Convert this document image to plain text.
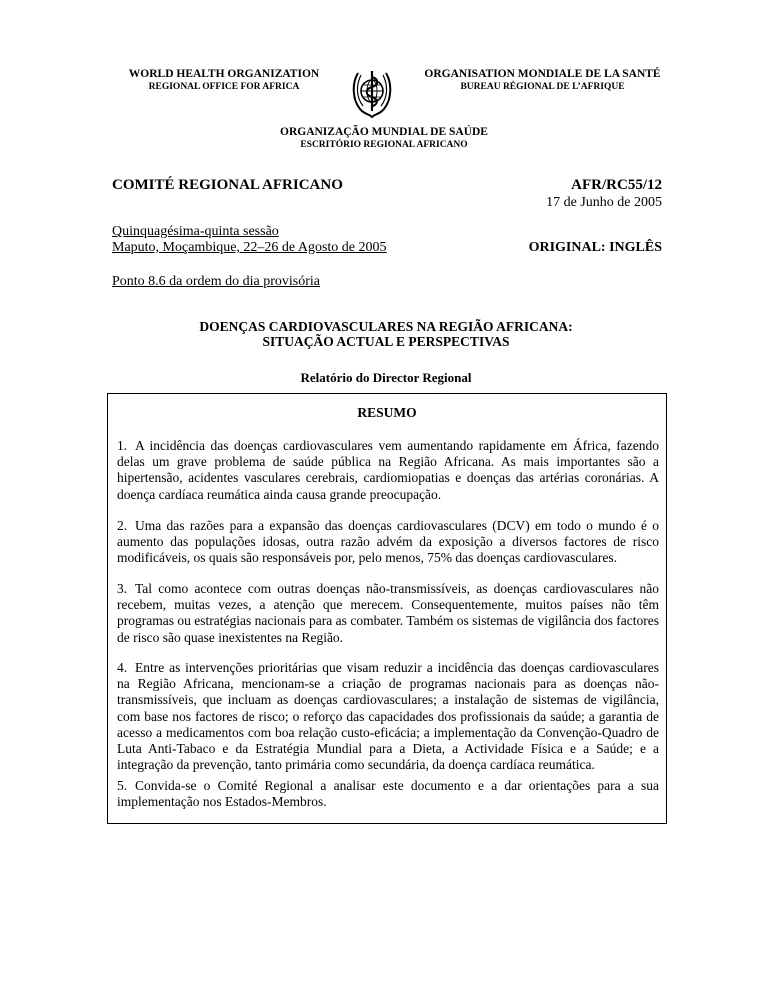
WORLD HEALTH ORGANIZATION
REGIONAL OFFICE FOR AFRICA
ORGANISATION MONDIALE DE LA SANTÉ
BUREAU RÉGIONAL DE L’AFRIQUE
ORGANIZAÇÃO MUNDIAL DE SAÚDE
ESCRITÓRIO REGIONAL AFRICANO
COMITÉ REGIONAL AFRICANO	AFR/RC55/12
17 de Junho de 2005
Quinquagésima-quinta sessão
Maputo, Moçambique, 22–26 de Agosto de 2005	ORIGINAL: INGLÊS
Ponto 8.6 da ordem do dia provisória
DOENÇAS CARDIOVASCULARES NA REGIÃO AFRICANA:
SITUAÇÃO ACTUAL E PERSPECTIVAS
Relatório do Director Regional
RESUMO
1. A incidência das doenças cardiovasculares vem aumentando rapidamente em África, fazendo delas um grave problema de saúde pública na Região Africana. As mais importantes são a hipertensão, acidentes vasculares cerebrais, cardiomiopatias e doenças das artérias coronárias. A doença cardíaca reumática ainda causa grande preocupação.
2. Uma das razões para a expansão das doenças cardiovasculares (DCV) em todo o mundo é o aumento das populações idosas, outra razão advém da exposição a diversos factores de risco modificáveis, os quais são responsáveis por, pelo menos, 75% das doenças cardiovasculares.
3. Tal como acontece com outras doenças não-transmissíveis, as doenças cardiovasculares não recebem, muitas vezes, a atenção que merecem. Consequentemente, muitos países não têm programas ou estratégias nacionais para as combater. Também os sistemas de vigilância dos factores de risco são quase inexistentes na Região.
4. Entre as intervenções prioritárias que visam reduzir a incidência das doenças cardiovasculares na Região Africana, mencionam-se a criação de programas nacionais para as doenças não-transmissíveis, que incluam as doenças cardiovasculares; a instalação de sistemas de vigilância, com base nos factores de risco; o reforço das capacidades dos profissionais da saúde; a garantia de acesso a medicamentos com boa relação custo-eficácia; a implementação da Convenção-Quadro de Luta Anti-Tabaco e da Estratégia Mundial para a Dieta, a Actividade Física e a Saúde; e a integração da prevenção, tanto primária como secundária, da doença cardíaca reumática.
5. Convida-se o Comité Regional a analisar este documento e a dar orientações para a sua implementação nos Estados-Membros.
